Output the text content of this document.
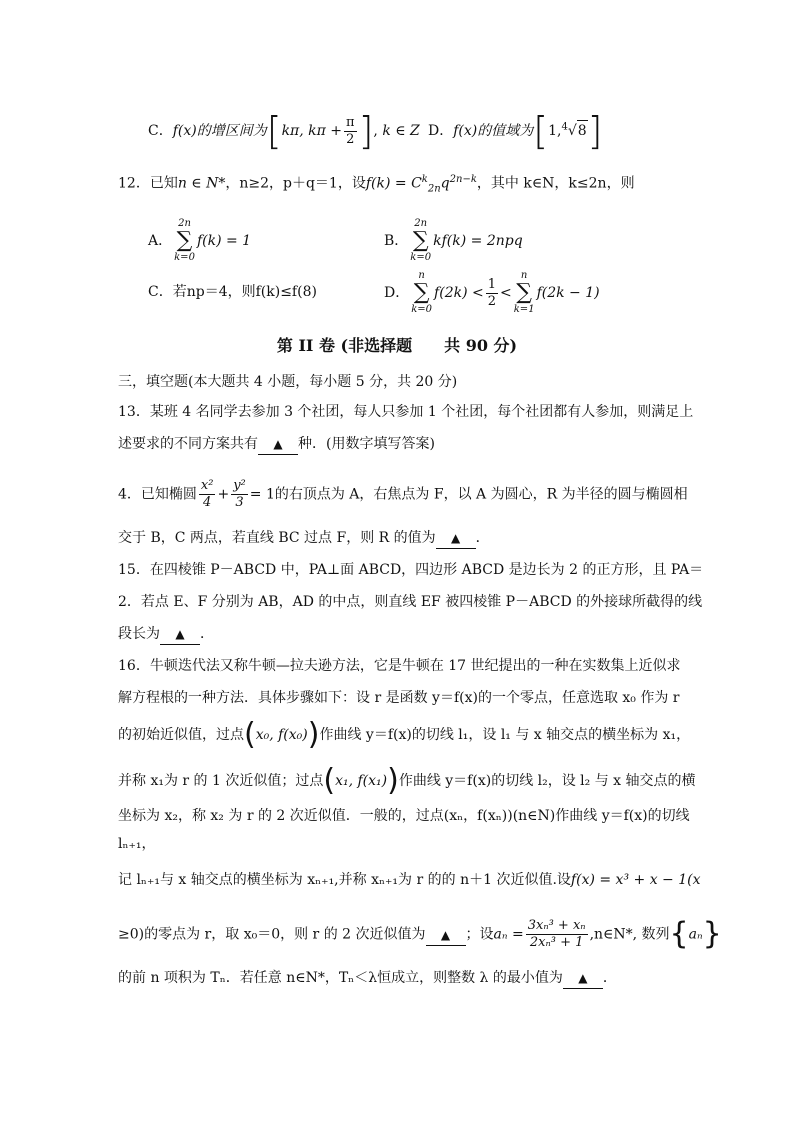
C．f(x)的增区间为[kπ, $k\pi + \frac{\pi}{2}$ ], k ∈ Z D．f(x)的值域为[1,$^4$√8]
12．已知n ∈ N*，n≥2，p＋q＝1，设$f(k) = C^k_{2n}q^{2n-k}$，其中 k∈N，k≤2n，则
A．
2n
∑
k=0
f(k) = 1	B．
2n
∑
k=0
kf(k) = 2npq
C．若np＝4，则f(k)≤f(8)	D．
n
∑
k=0
$f(2k) < \frac{1}{2}$ <
n
∑
k=1
f(2k − 1)
第 II 卷 (非选择题　　共 90 分)
三，填空题(本大题共 4 小题，每小题 5 分，共 20 分)
13．某班 4 名同学去参加 3 个社团，每人只参加 1 个社团，每个社团都有人参加，则满足上
述要求的不同方案共有 ▲ 种．(用数字填写答案)
4．已知椭圆 $\frac{\text{x²}}{4} + \frac{\text{y²}}{3} = 1$的右顶点为 A，右焦点为 F，以 A 为圆心，R 为半径的圆与椭圆相
交于 B，C 两点，若直线 BC 过点 F，则 R 的值为 ▲ ．
15．在四棱锥 P－ABCD 中，PA⊥面 ABCD，四边形 ABCD 是边长为 2 的正方形，且 PA＝
2．若点 E、F 分别为 AB，AD 的中点，则直线 EF 被四棱锥 P－ABCD 的外接球所截得的线
段长为 ▲ ．
16．牛顿迭代法又称牛顿—拉夫逊方法，它是牛顿在 17 世纪提出的一种在实数集上近似求
解方程根的一种方法．具体步骤如下：设 r 是函数 y＝f(x)的一个零点，任意选取 x₀ 作为 r
的初始近似值，过点(x₀, f(x₀))作曲线 y＝f(x)的切线 l₁，设 l₁ 与 x 轴交点的横坐标为 x₁，
并称 x₁为 r 的 1 次近似值；过点(x₁, f(x₁))作曲线 y＝f(x)的切线 l₂，设 l₂ 与 x 轴交点的横
坐标为 x₂，称 x₂ 为 r 的 2 次近似值．一般的，过点(xₙ，f(xₙ))(n∈N)作曲线 y＝f(x)的切线
lₙ₊₁，
记 lₙ₊₁与 x 轴交点的横坐标为 xₙ₊₁,并称 xₙ₊₁为 r 的的 n＋1 次近似值.设f(x) = x³ + x − 1(x
≥0)的零点为 r，取 x₀＝0，则 r 的 2 次近似值为 ▲ ；设$a_n = \frac{\text{3xₙ³ + xₙ}}{\text{2xₙ³ + 1}}$ ,n∈N*, 数列{aₙ}
的前 n 项积为 Tₙ．若任意 n∈N*，Tₙ＜λ恒成立，则整数 λ 的最小值为 ▲ ．
